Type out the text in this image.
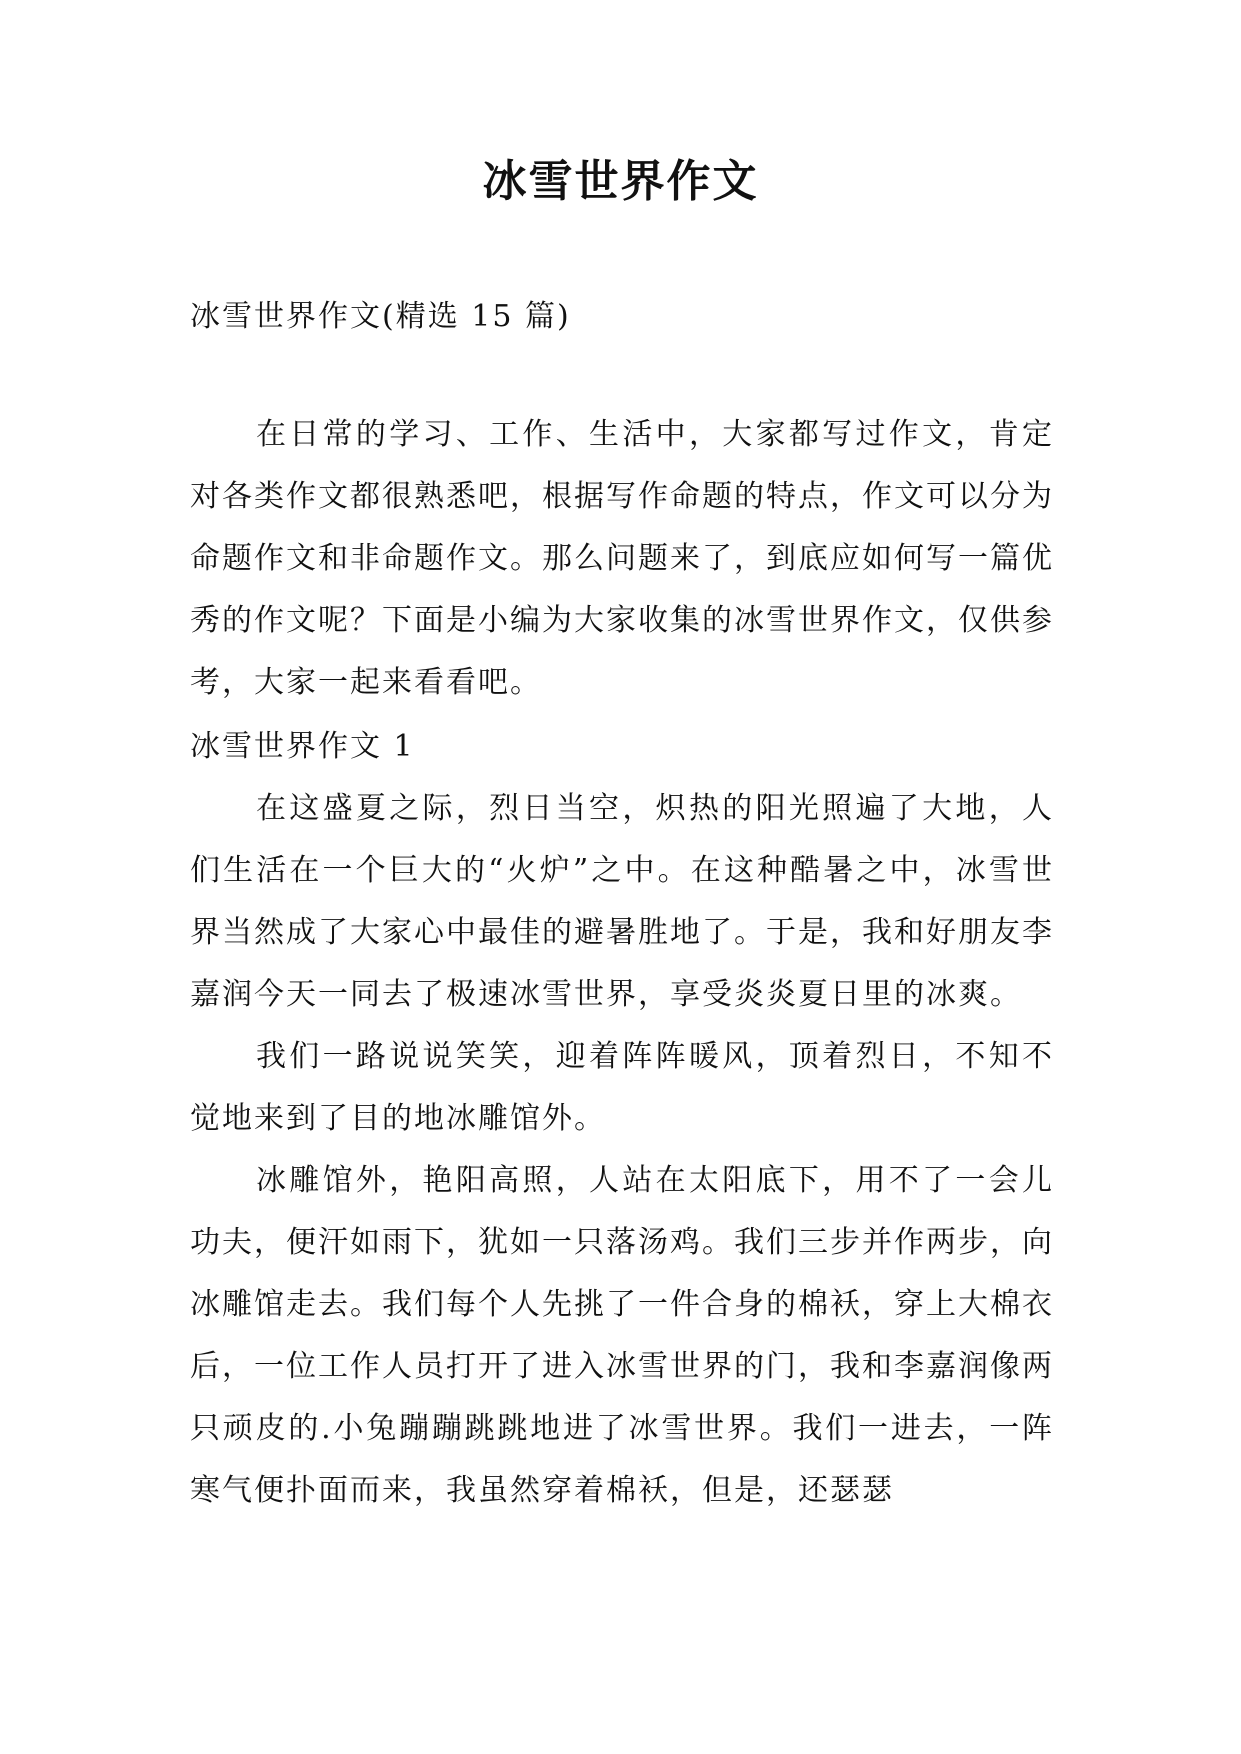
冰雪世界作文
冰雪世界作文(精选 15 篇)
在日常的学习、工作、生活中，大家都写过作文，肯定对各类作文都很熟悉吧，根据写作命题的特点，作文可以分为命题作文和非命题作文。那么问题来了，到底应如何写一篇优秀的作文呢？下面是小编为大家收集的冰雪世界作文，仅供参考，大家一起来看看吧。

冰雪世界作文 1

在这盛夏之际，烈日当空，炽热的阳光照遍了大地，人们生活在一个巨大的“火炉”之中。在这种酷暑之中，冰雪世界当然成了大家心中最佳的避暑胜地了。于是，我和好朋友李嘉润今天一同去了极速冰雪世界，享受炎炎夏日里的冰爽。

我们一路说说笑笑，迎着阵阵暖风，顶着烈日，不知不觉地来到了目的地冰雕馆外。

冰雕馆外，艳阳高照，人站在太阳底下，用不了一会儿功夫，便汗如雨下，犹如一只落汤鸡。我们三步并作两步，向冰雕馆走去。我们每个人先挑了一件合身的棉袄，穿上大棉衣后，一位工作人员打开了进入冰雪世界的门，我和李嘉润像两只顽皮的.小兔蹦蹦跳跳地进了冰雪世界。我们一进去，一阵寒气便扑面而来，我虽然穿着棉袄，但是，还瑟瑟
